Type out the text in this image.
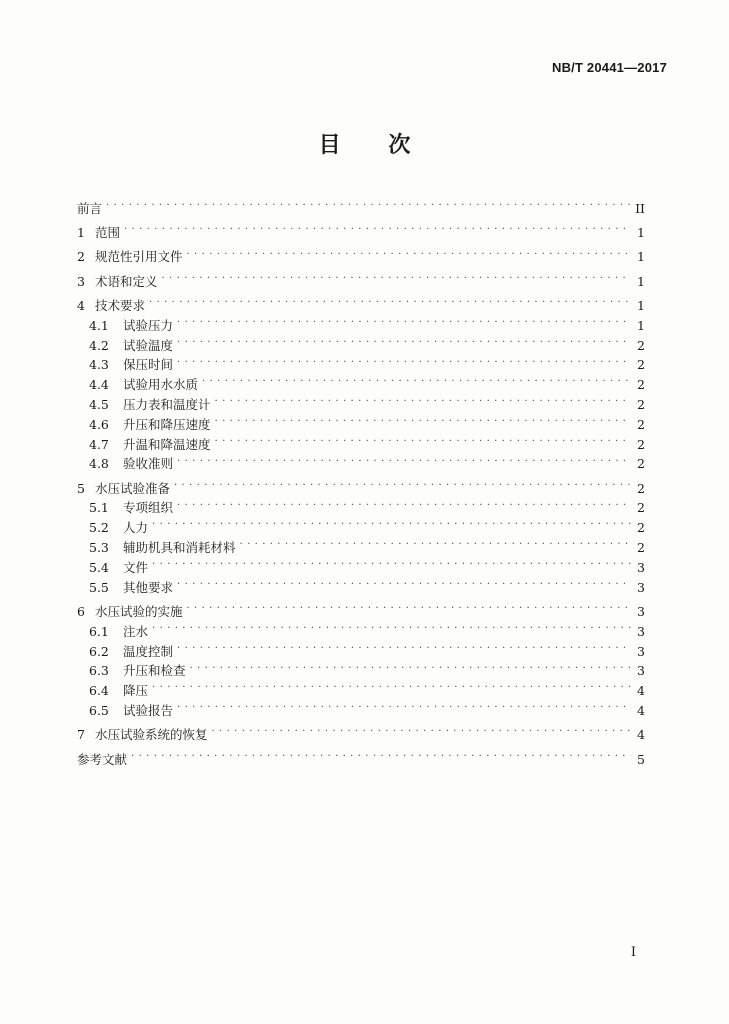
NB/T 20441—2017
目 次
前言 . . .	II
1 范围 . . .	1
2 规范性引用文件 . . .	1
3 术语和定义 . . .	1
4 技术要求 . . .	1
4.1	试验压力 . . .	1
4.2	试验温度 . . .	2
4.3	保压时间 . . .	2
4.4	试验用水水质 . . .	2
4.5	压力表和温度计 . . .	2
4.6	升压和降压速度 . . .	2
4.7	升温和降温速度 . . .	2
4.8	验收准则 . . .	2
5 水压试验准备 . . .	2
5.1	专项组织 . . .	2
5.2	人力 . . .	2
5.3	辅助机具和消耗材料 . . .	2
5.4	文件 . . .	3
5.5	其他要求 . . .	3
6 水压试验的实施 . . .	3
6.1	注水 . . .	3
6.2	温度控制 . . .	3
6.3	升压和检查 . . .	3
6.4	降压 . . .	4
6.5	试验报告 . . .	4
7 水压试验系统的恢复 . . .	4
参考文献 . . .	5
I
